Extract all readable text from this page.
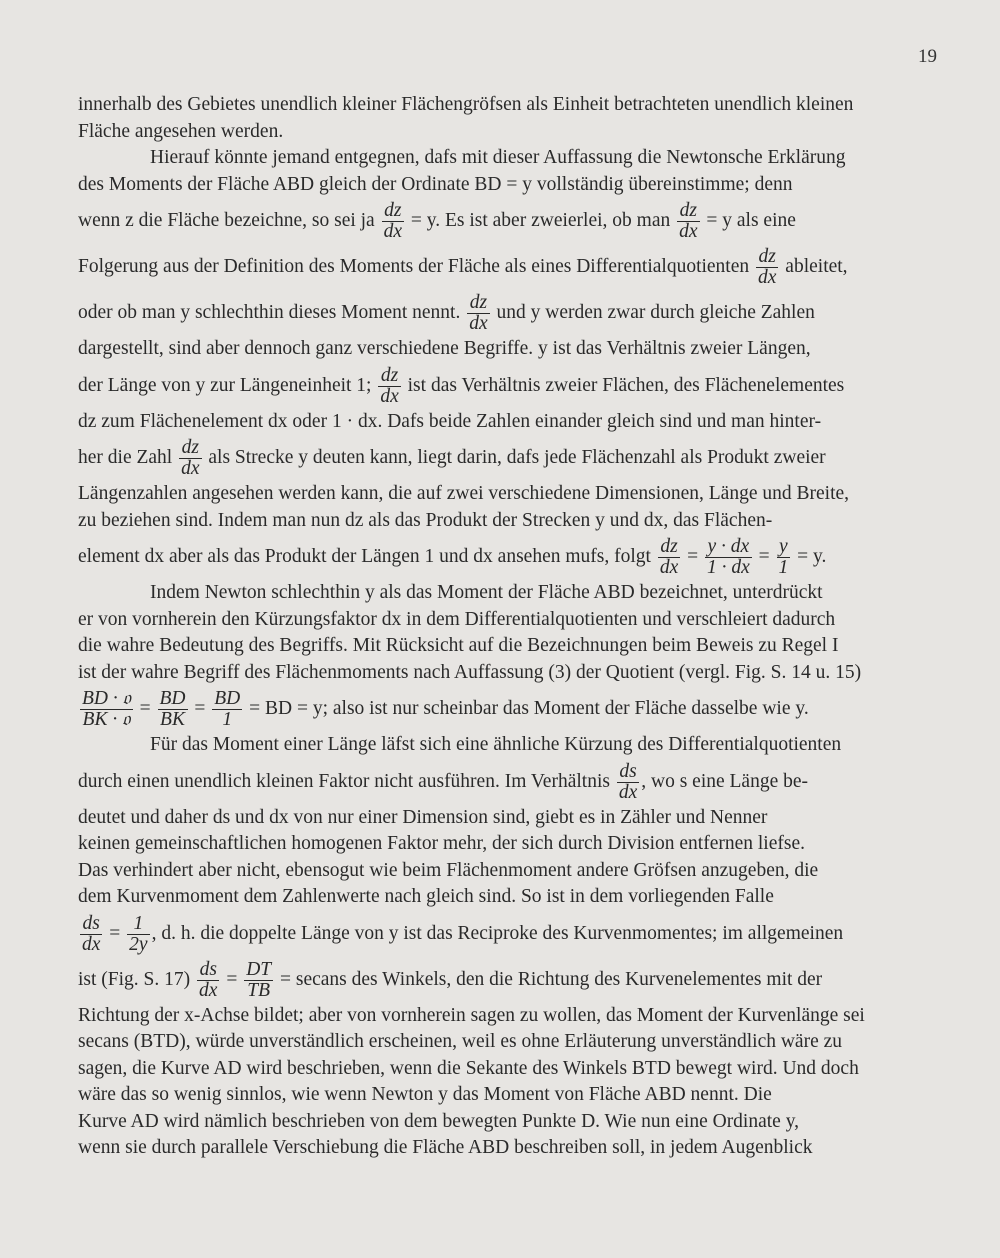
19
innerhalb des Gebietes unendlich kleiner Flächengröfsen als Einheit betrachteten unendlich kleinen
Fläche angesehen werden.
Hierauf könnte jemand entgegnen, dafs mit dieser Auffassung die Newtonsche Erklärung
des Moments der Fläche ABD gleich der Ordinate BD = y vollständig übereinstimme; denn
wenn z die Fläche bezeichne, so sei ja $\frac{dz}{dx} = y$. Es ist aber zweierlei, ob man $\frac{dz}{dx} = y$ als eine
Folgerung aus der Definition des Moments der Fläche als eines Differentialquotienten $\frac{dz}{dx}$ ableitet,
oder ob man y schlechthin dieses Moment nennt. $\frac{dz}{dx}$ und y werden zwar durch gleiche Zahlen
dargestellt, sind aber dennoch ganz verschiedene Begriffe. y ist das Verhältnis zweier Längen,
der Länge von y zur Längeneinheit 1; $\frac{dz}{dx}$ ist das Verhältnis zweier Flächen, des Flächenelementes
dz zum Flächenelement dx oder 1 · dx. Dafs beide Zahlen einander gleich sind und man hinter-
her die Zahl $\frac{dz}{dx}$ als Strecke y deuten kann, liegt darin, dafs jede Flächenzahl als Produkt zweier
Längenzahlen angesehen werden kann, die auf zwei verschiedene Dimensionen, Länge und Breite,
zu beziehen sind. Indem man nun dz als das Produkt der Strecken y und dx, das Flächen-
element dx aber als das Produkt der Längen 1 und dx ansehen mufs, folgt $\frac{dz}{dx} = \frac{y \cdot dx}{1 \cdot dx} = \frac{y}{1} = y$.
Indem Newton schlechthin y als das Moment der Fläche ABD bezeichnet, unterdrückt
er von vornherein den Kürzungsfaktor dx in dem Differentialquotienten und verschleiert dadurch
die wahre Bedeutung des Begriffs. Mit Rücksicht auf die Bezeichnungen beim Beweis zu Regel I
ist der wahre Begriff des Flächenmoments nach Auffassung (3) der Quotient (vergl. Fig. S. 14 u. 15)
$\frac{\text{BD · 𝔬}}{\text{BK · 𝔬}} = \frac{BD}{BK} = \frac{BD}{1}$ = BD = y; also ist nur scheinbar das Moment der Fläche dasselbe wie y.
Für das Moment einer Länge läfst sich eine ähnliche Kürzung des Differentialquotienten
durch einen unendlich kleinen Faktor nicht ausführen. Im Verhältnis $\frac{ds}{dx}$ , wo s eine Länge be-
deutet und daher ds und dx von nur einer Dimension sind, giebt es in Zähler und Nenner
keinen gemeinschaftlichen homogenen Faktor mehr, der sich durch Division entfernen liefse.
Das verhindert aber nicht, ebensogut wie beim Flächenmoment andere Gröfsen anzugeben, die
dem Kurvenmoment dem Zahlenwerte nach gleich sind. So ist in dem vorliegenden Falle
$\frac{ds}{dx} = \frac{1}{2y}$ , d. h. die doppelte Länge von y ist das Reciproke des Kurvenmomentes; im allgemeinen
ist (Fig. S. $17) \frac{ds}{dx} = \frac{DT}{TB}$ = secans des Winkels, den die Richtung des Kurvenelementes mit der
Richtung der x-Achse bildet; aber von vornherein sagen zu wollen, das Moment der Kurvenlänge sei
secans (BTD), würde unverständlich erscheinen, weil es ohne Erläuterung unverständlich wäre zu
sagen, die Kurve AD wird beschrieben, wenn die Sekante des Winkels BTD bewegt wird. Und doch
wäre das so wenig sinnlos, wie wenn Newton y das Moment von Fläche ABD nennt. Die
Kurve AD wird nämlich beschrieben von dem bewegten Punkte D. Wie nun eine Ordinate y,
wenn sie durch parallele Verschiebung die Fläche ABD beschreiben soll, in jedem Augenblick
